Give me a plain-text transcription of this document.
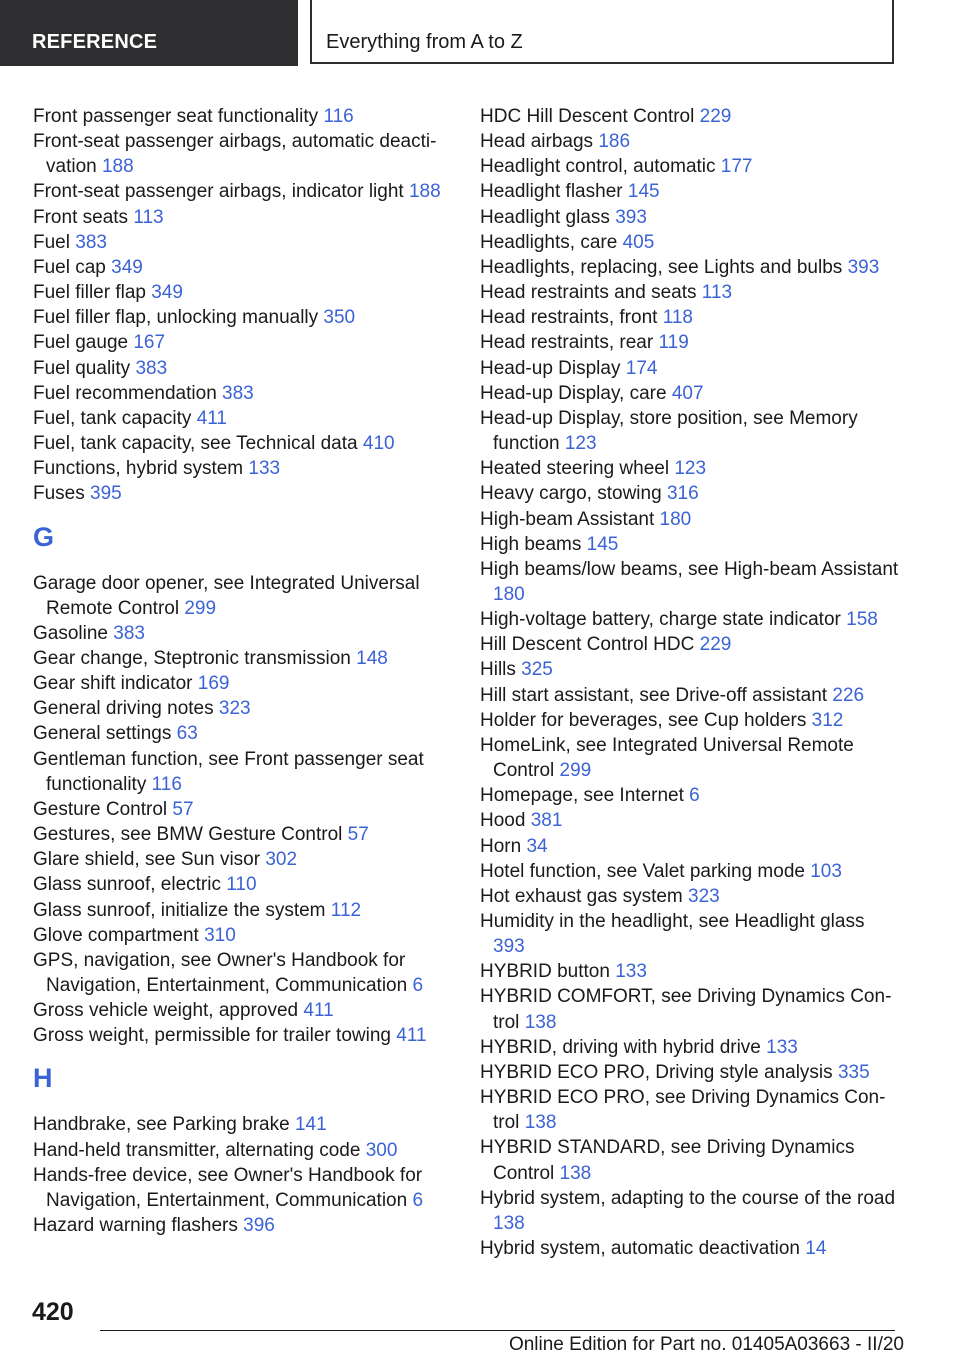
REFERENCE	Everything from A to Z
Front passenger seat functionality 116
Front-seat passenger airbags, automatic deactivation 188
Front-seat passenger airbags, indicator light 188
Front seats 113
Fuel 383
Fuel cap 349
Fuel filler flap 349
Fuel filler flap, unlocking manually 350
Fuel gauge 167
Fuel quality 383
Fuel recommendation 383
Fuel, tank capacity 411
Fuel, tank capacity, see Technical data 410
Functions, hybrid system 133
Fuses 395
G
Garage door opener, see Integrated Universal Remote Control 299
Gasoline 383
Gear change, Steptronic transmission 148
Gear shift indicator 169
General driving notes 323
General settings 63
Gentleman function, see Front passenger seat functionality 116
Gesture Control 57
Gestures, see BMW Gesture Control 57
Glare shield, see Sun visor 302
Glass sunroof, electric 110
Glass sunroof, initialize the system 112
Glove compartment 310
GPS, navigation, see Owner's Handbook for Navigation, Entertainment, Communication 6
Gross vehicle weight, approved 411
Gross weight, permissible for trailer towing 411
H
Handbrake, see Parking brake 141
Hand-held transmitter, alternating code 300
Hands-free device, see Owner's Handbook for Navigation, Entertainment, Communication 6
Hazard warning flashers 396
HDC Hill Descent Control 229
Head airbags 186
Headlight control, automatic 177
Headlight flasher 145
Headlight glass 393
Headlights, care 405
Headlights, replacing, see Lights and bulbs 393
Head restraints and seats 113
Head restraints, front 118
Head restraints, rear 119
Head-up Display 174
Head-up Display, care 407
Head-up Display, store position, see Memory function 123
Heated steering wheel 123
Heavy cargo, stowing 316
High-beam Assistant 180
High beams 145
High beams/low beams, see High-beam Assistant 180
High-voltage battery, charge state indicator 158
Hill Descent Control HDC 229
Hills 325
Hill start assistant, see Drive-off assistant 226
Holder for beverages, see Cup holders 312
HomeLink, see Integrated Universal Remote Control 299
Homepage, see Internet 6
Hood 381
Horn 34
Hotel function, see Valet parking mode 103
Hot exhaust gas system 323
Humidity in the headlight, see Headlight glass 393
HYBRID button 133
HYBRID COMFORT, see Driving Dynamics Control 138
HYBRID, driving with hybrid drive 133
HYBRID ECO PRO, Driving style analysis 335
HYBRID ECO PRO, see Driving Dynamics Control 138
HYBRID STANDARD, see Driving Dynamics Control 138
Hybrid system, adapting to the course of the road 138
Hybrid system, automatic deactivation 14
420
Online Edition for Part no. 01405A03663 - II/20
